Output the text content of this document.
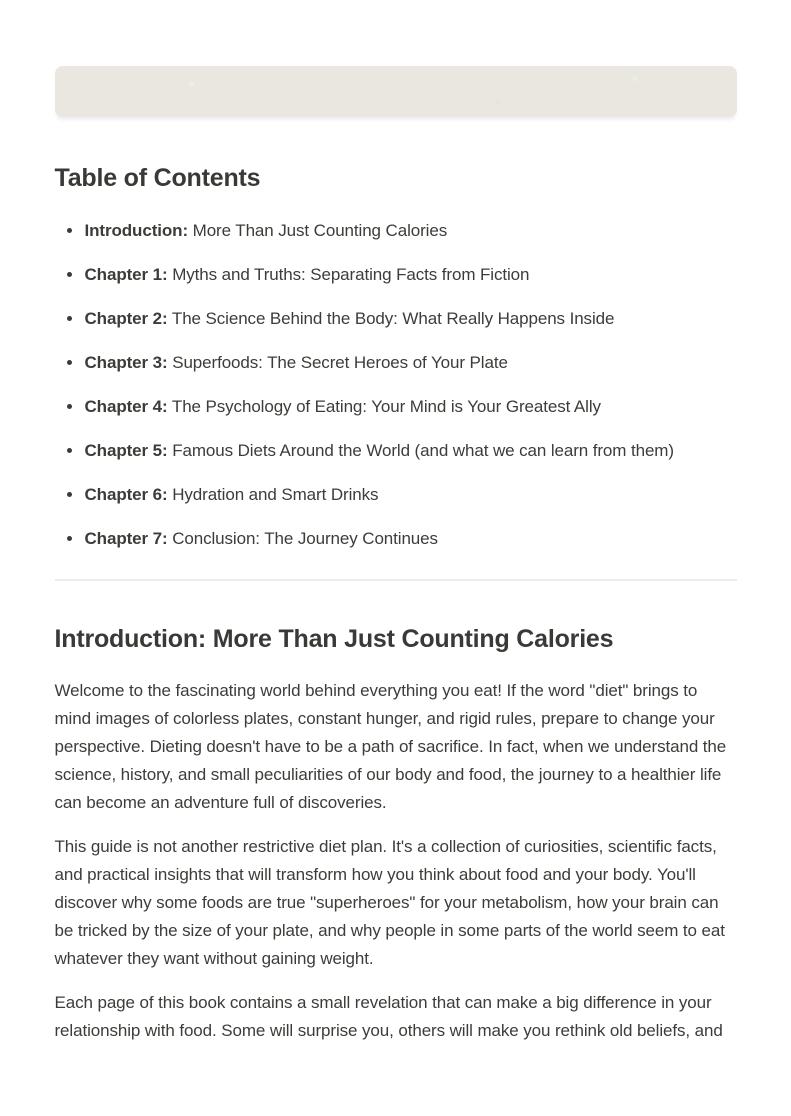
Table of Contents
Introduction: More Than Just Counting Calories
Chapter 1: Myths and Truths: Separating Facts from Fiction
Chapter 2: The Science Behind the Body: What Really Happens Inside
Chapter 3: Superfoods: The Secret Heroes of Your Plate
Chapter 4: The Psychology of Eating: Your Mind is Your Greatest Ally
Chapter 5: Famous Diets Around the World (and what we can learn from them)
Chapter 6: Hydration and Smart Drinks
Chapter 7: Conclusion: The Journey Continues
Introduction: More Than Just Counting Calories

Welcome to the fascinating world behind everything you eat! If the word "diet" brings to mind images of colorless plates, constant hunger, and rigid rules, prepare to change your perspective. Dieting doesn't have to be a path of sacrifice. In fact, when we understand the science, history, and small peculiarities of our body and food, the journey to a healthier life can become an adventure full of discoveries.

This guide is not another restrictive diet plan. It's a collection of curiosities, scientific facts, and practical insights that will transform how you think about food and your body. You'll discover why some foods are true "superheroes" for your metabolism, how your brain can be tricked by the size of your plate, and why people in some parts of the world seem to eat whatever they want without gaining weight.

Each page of this book contains a small revelation that can make a big difference in your relationship with food. Some will surprise you, others will make you rethink old beliefs, and
